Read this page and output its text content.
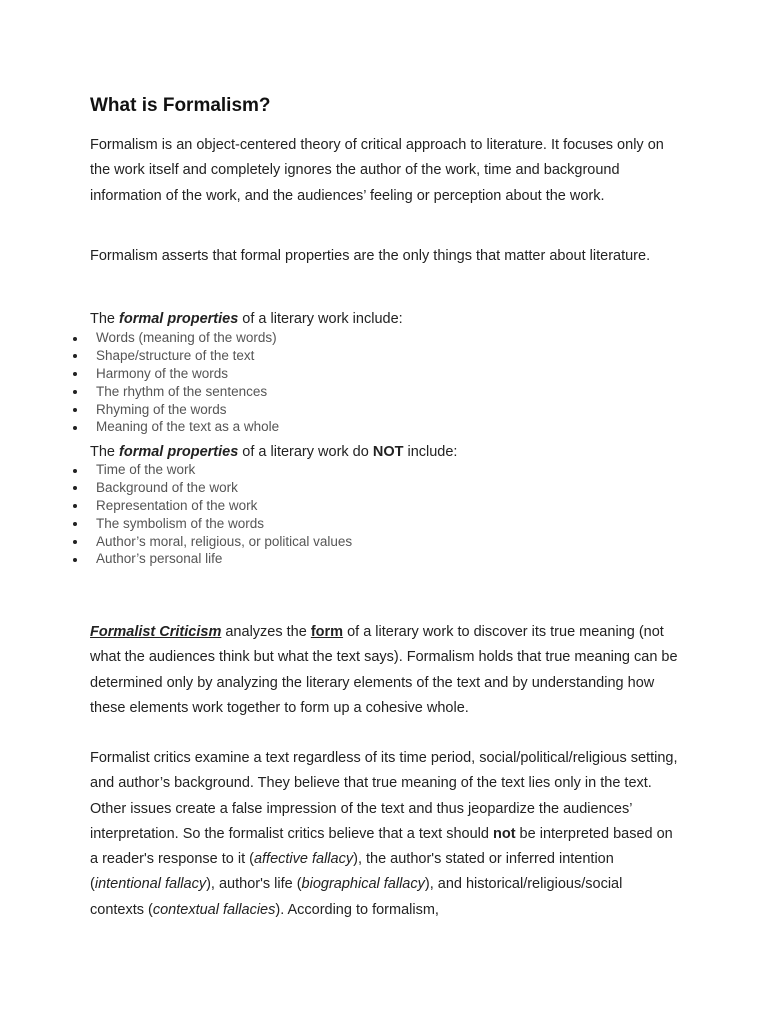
What is Formalism?

Formalism is an object-centered theory of critical approach to literature. It focuses only on the work itself and completely ignores the author of the work, time and background information of the work, and the audiences’ feeling or perception about the work.

Formalism asserts that formal properties are the only things that matter about literature.

The formal properties of a literary work include:

Words (meaning of the words)
Shape/structure of the text
Harmony of the words
The rhythm of the sentences
Rhyming of the words
Meaning of the text as a whole

The formal properties of a literary work do NOT include:

Time of the work
Background of the work
Representation of the work
The symbolism of the words
Author’s moral, religious, or political values
Author’s personal life

Formalist Criticism analyzes the form of a literary work to discover its true meaning (not what the audiences think but what the text says). Formalism holds that true meaning can be determined only by analyzing the literary elements of the text and by understanding how these elements work together to form up a cohesive whole.

Formalist critics examine a text regardless of its time period, social/political/religious setting, and author’s background. They believe that true meaning of the text lies only in the text. Other issues create a false impression of the text and thus jeopardize the audiences’ interpretation. So the formalist critics believe that a text should not be interpreted based on a reader's response to it (affective fallacy), the author's stated or inferred intention (intentional fallacy), author's life (biographical fallacy), and historical/religious/social contexts (contextual fallacies). According to formalism,
